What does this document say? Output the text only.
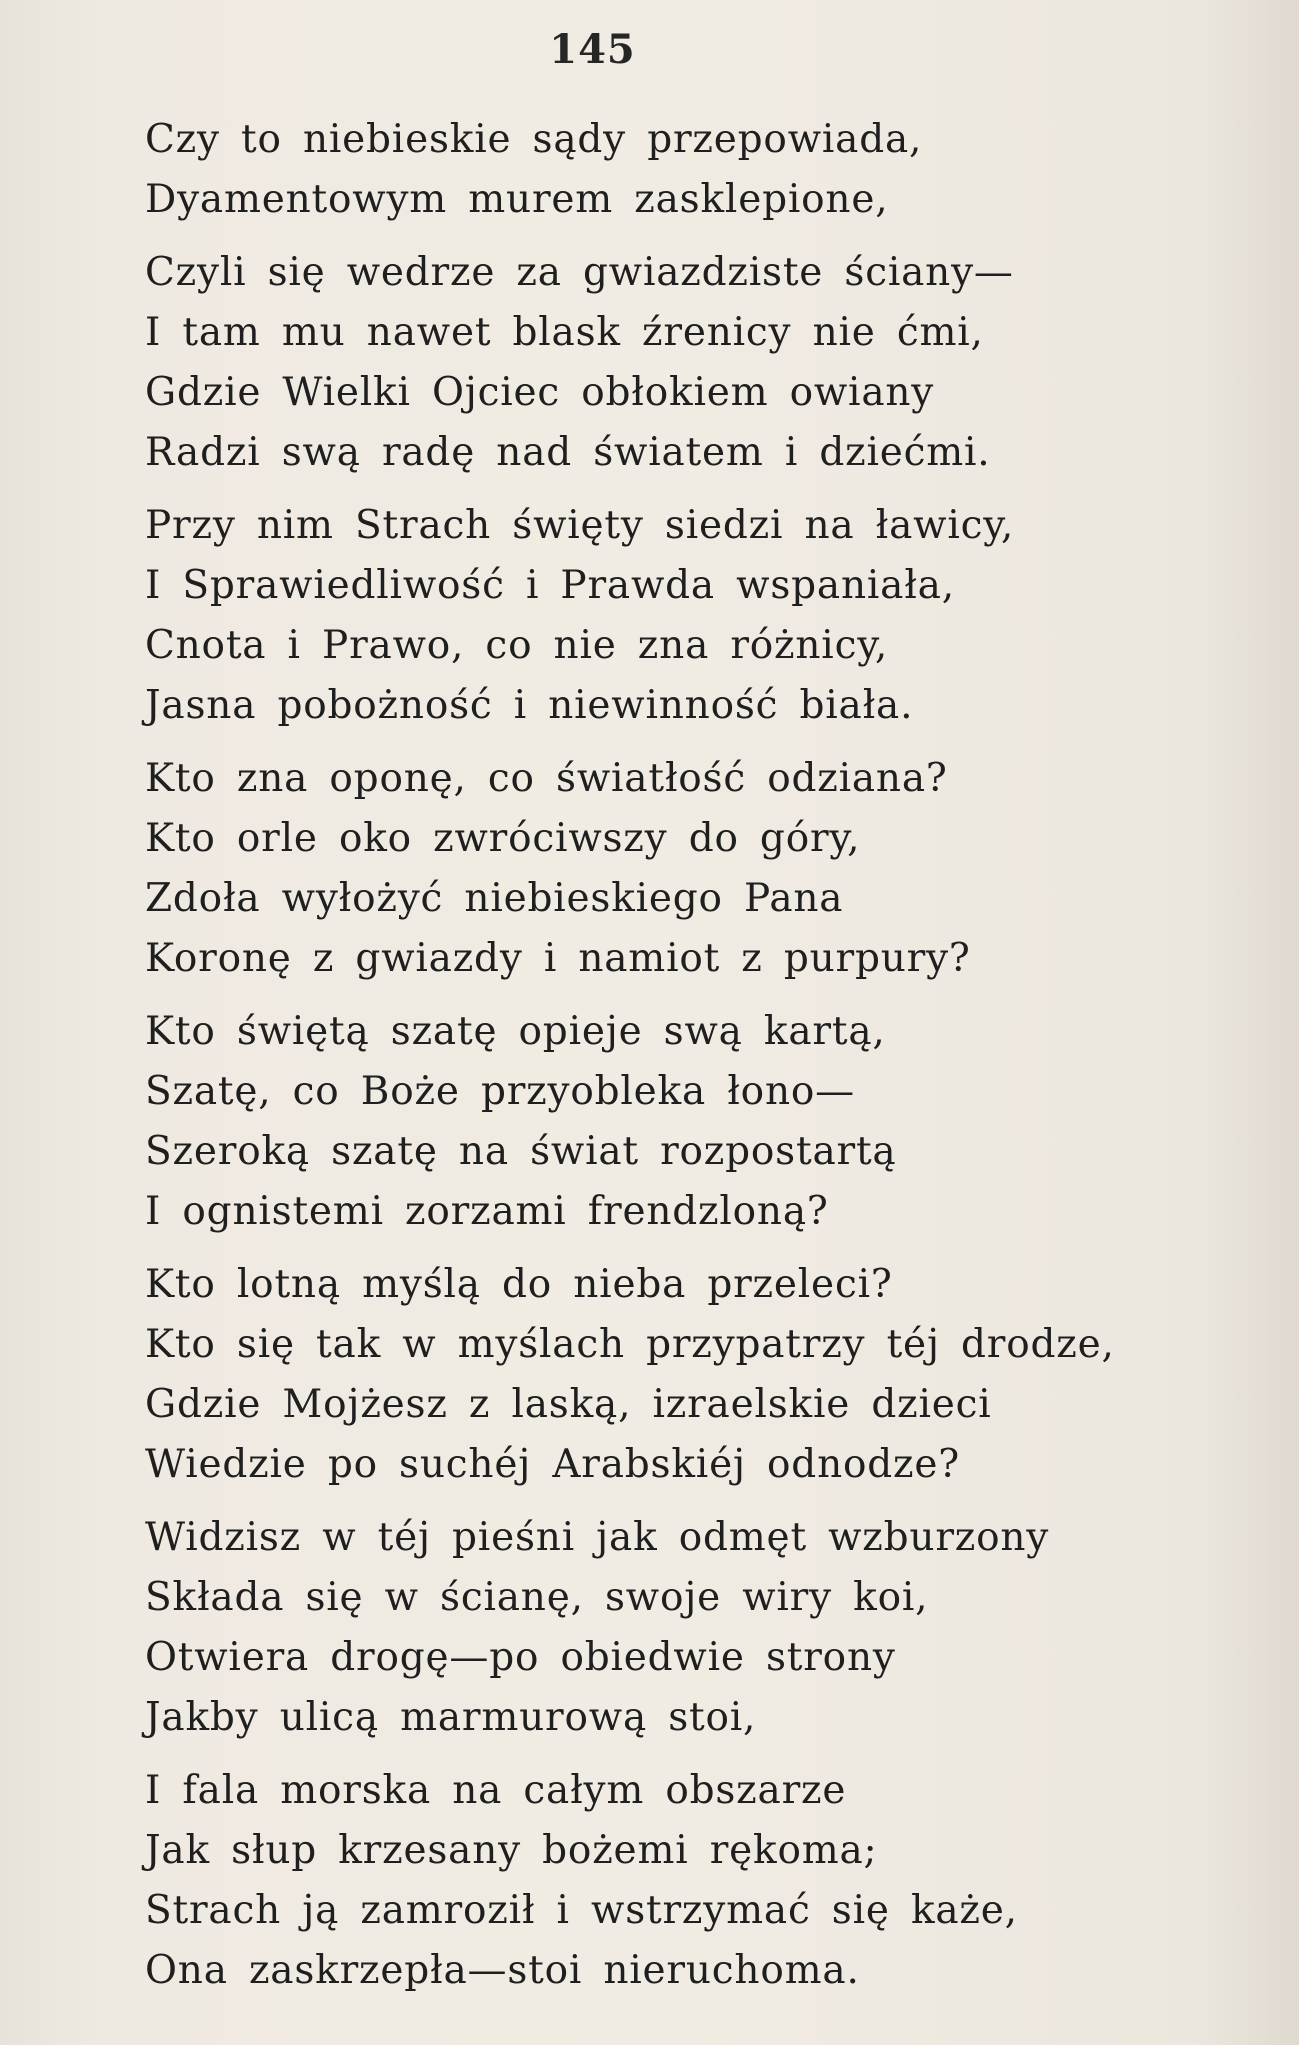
145
Czy to niebieskie sądy przepowiada,
Dyamentowym murem zasklepione,
Czyli się wedrze za gwiazdziste ściany—
I tam mu nawet blask źrenicy nie ćmi,
Gdzie Wielki Ojciec obłokiem owiany
Radzi swą radę nad światem i dziećmi.
Przy nim Strach święty siedzi na ławicy,
I Sprawiedliwość i Prawda wspaniała,
Cnota i Prawo, co nie zna różnicy,
Jasna pobożność i niewinność biała.
Kto zna oponę, co światłość odziana?
Kto orle oko zwróciwszy do góry,
Zdoła wyłożyć niebieskiego Pana
Koronę z gwiazdy i namiot z purpury?
Kto świętą szatę opieje swą kartą,
Szatę, co Boże przyobleka łono—
Szeroką szatę na świat rozpostartą
I ognistemi zorzami frendzloną?
Kto lotną myślą do nieba przeleci?
Kto się tak w myślach przypatrzy téj drodze,
Gdzie Mojżesz z laską, izraelskie dzieci
Wiedzie po suchéj Arabskiéj odnodze?
Widzisz w téj pieśni jak odmęt wzburzony
Składa się w ścianę, swoje wiry koi,
Otwiera drogę—po obiedwie strony
Jakby ulicą marmurową stoi,
I fala morska na całym obszarze
Jak słup krzesany bożemi rękoma;
Strach ją zamroził i wstrzymać się każe,
Ona zaskrzepła—stoi nieruchoma.
